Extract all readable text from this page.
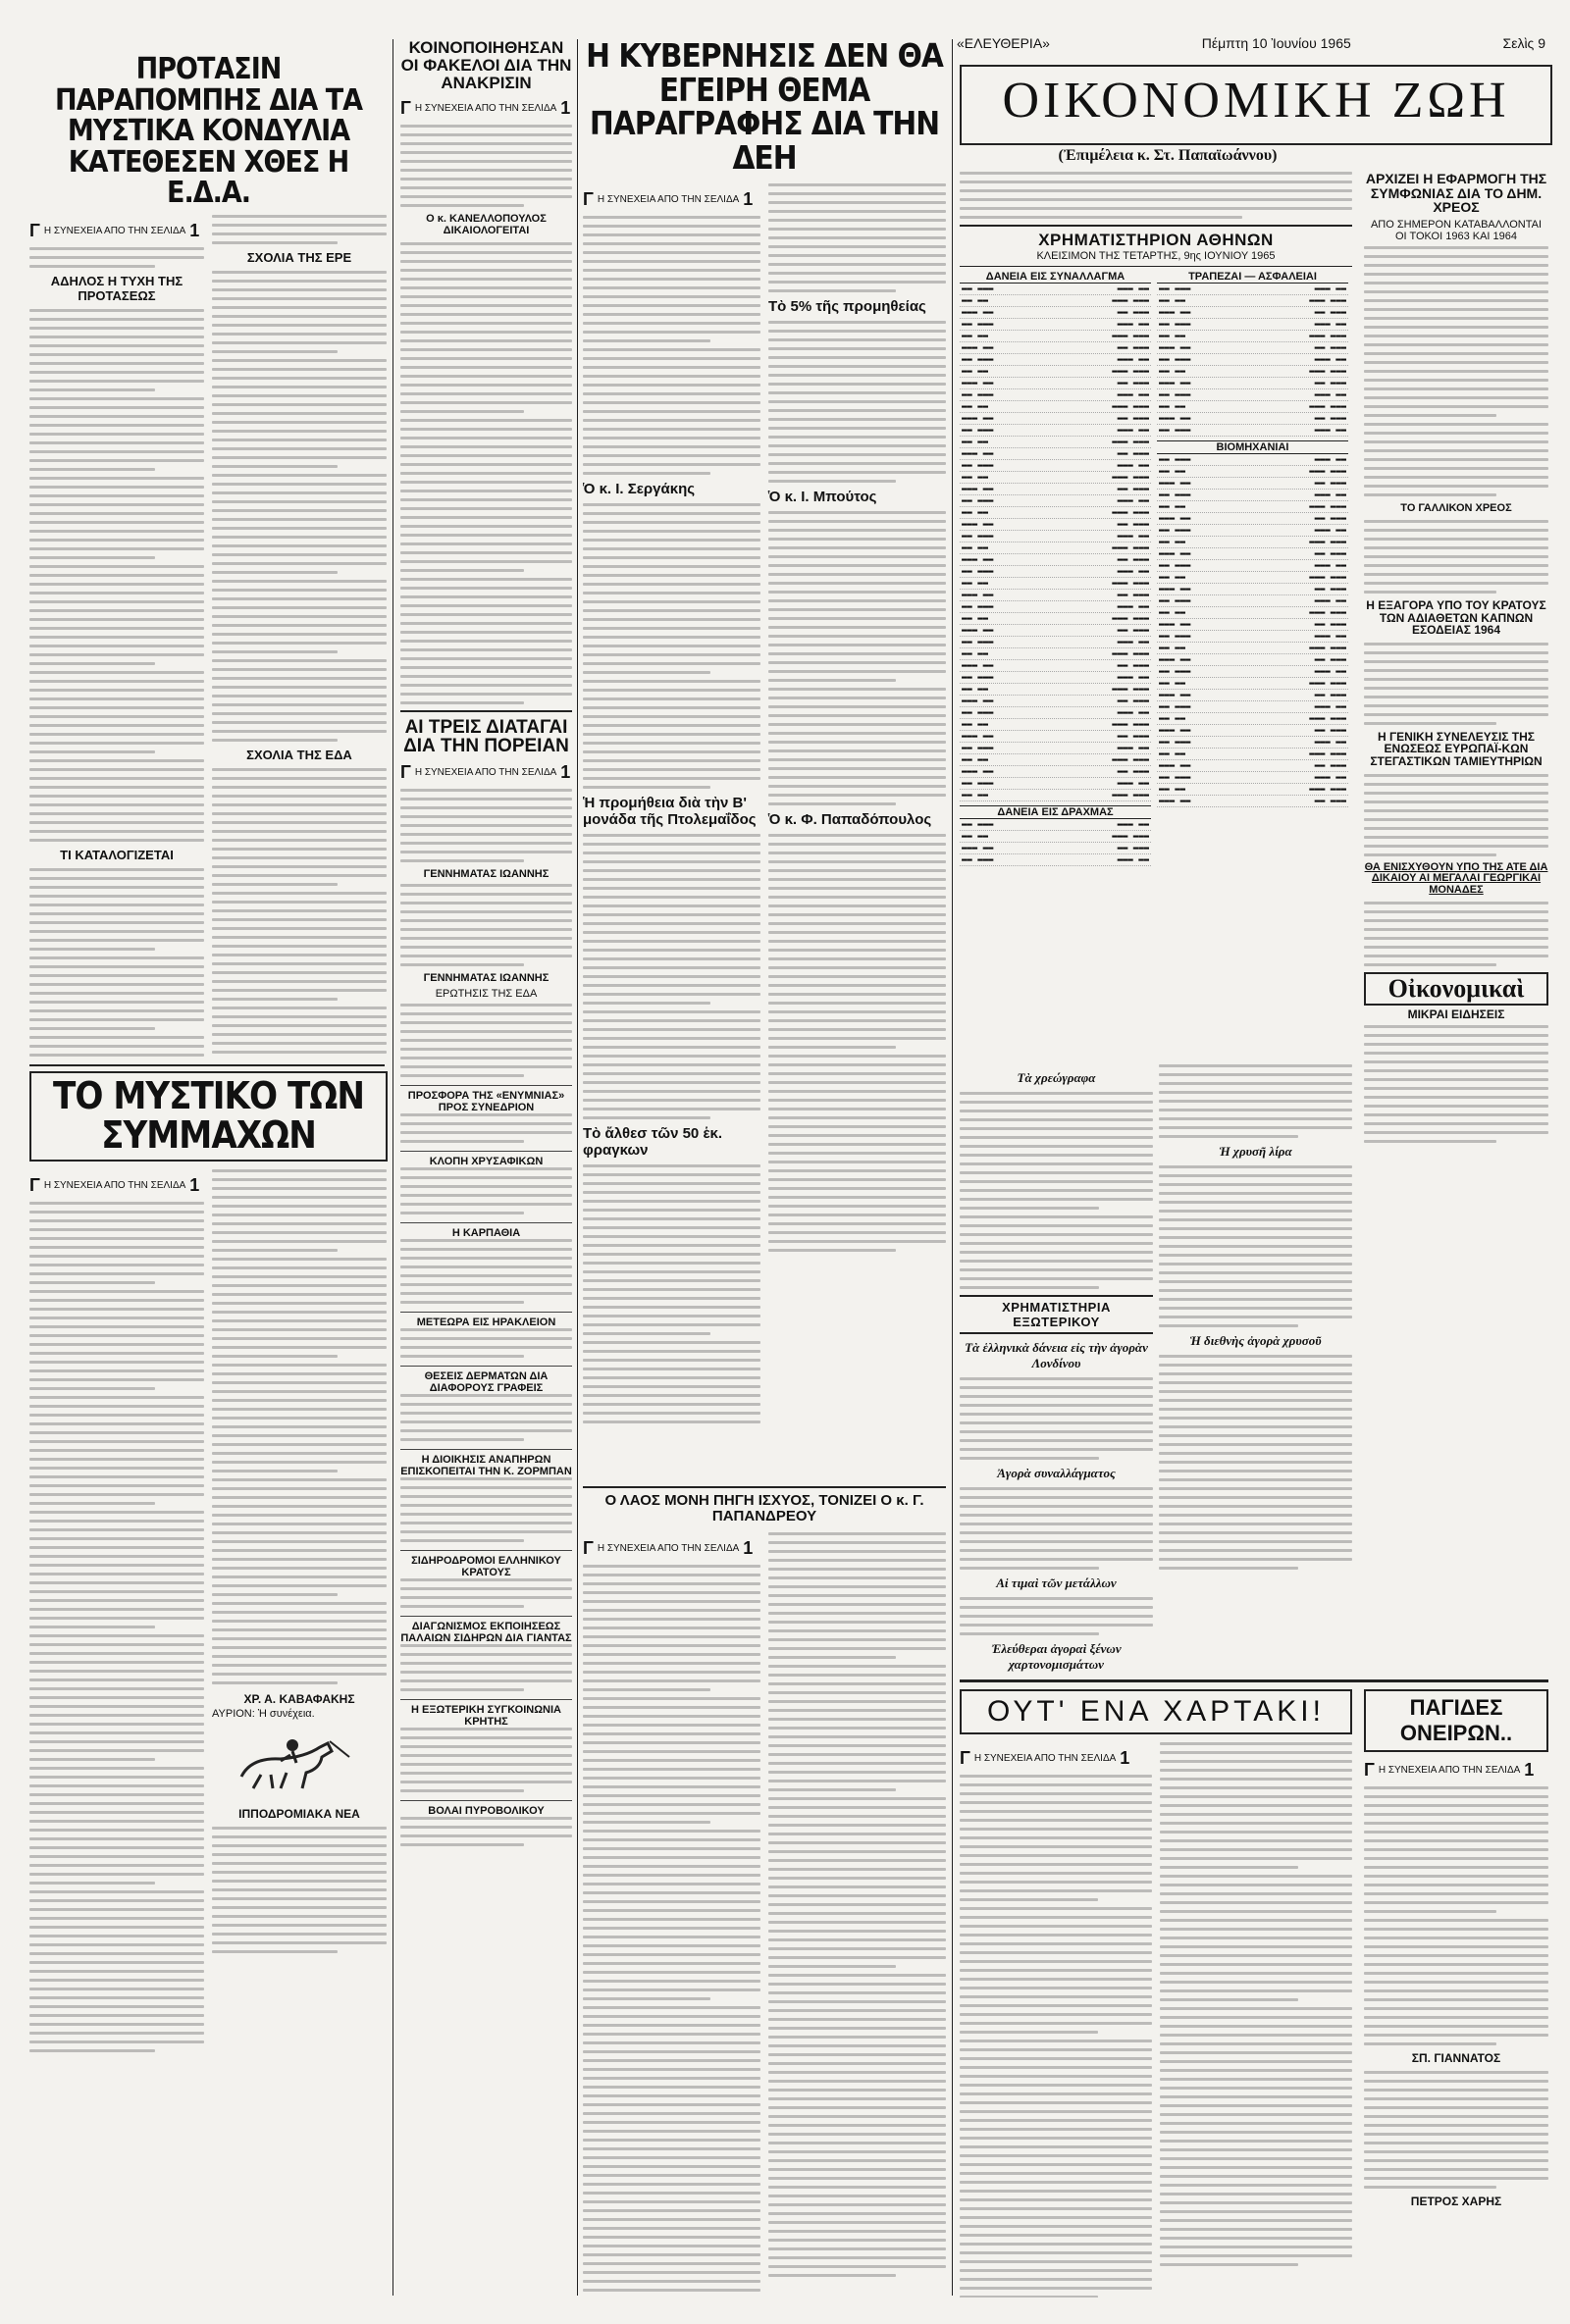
«ΕΛΕΥΘΕΡΙΑ»	Πέμπτη 10 Ἰουνίου 1965	Σελὶς 9
ΠΡΟΤΑΣΙΝ ΠΑΡΑΠΟΜΠΗΣ ΔΙΑ ΤΑ ΜΥΣΤΙΚΑ ΚΟΝΔΥΛΙΑ ΚΑΤΕΘΕΣΕΝ ΧΘΕΣ Η Ε.Δ.Α.
Γ Η ΣΥΝΕΧΕΙΑ ΑΠΟ ΤΗΝ ΣΕΛΙΔΑ 1
ΑΔΗΛΟΣ Η ΤΥΧΗ ΤΗΣ ΠΡΟΤΑΣΕΩΣ
ΤΙ ΚΑΤΑΛΟΓΙΖΕΤΑΙ
ΣΧΟΛΙΑ ΤΗΣ ΕΡΕ
ΣΧΟΛΙΑ ΤΗΣ ΕΔΑ
ΤΟ ΜΥΣΤΙΚΟ ΤΩΝ ΣΥΜΜΑΧΩΝ
Γ Η ΣΥΝΕΧΕΙΑ ΑΠΟ ΤΗΝ ΣΕΛΙΔΑ 1
ΧΡ. Α. ΚΑΒΑΦΑΚΗΣ
ΑΥΡΙΟΝ: Ἡ συνέχεια.
ΙΠΠΟΔΡΟΜΙΑΚΑ ΝΕΑ
ΚΟΙΝΟΠΟΙΗΘΗΣΑΝ ΟΙ ΦΑΚΕΛΟΙ ΔΙΑ ΤΗΝ ΑΝΑΚΡΙΣΙΝ
Γ Η ΣΥΝΕΧΕΙΑ ΑΠΟ ΤΗΝ ΣΕΛΙΔΑ 1
Ο κ. ΚΑΝΕΛΛΟΠΟΥΛΟΣ ΔΙΚΑΙΟΛΟΓΕΙΤΑΙ
ΑΙ ΤΡΕΙΣ ΔΙΑΤΑΓΑΙ ΔΙΑ ΤΗΝ ΠΟΡΕΙΑΝ
Γ Η ΣΥΝΕΧΕΙΑ ΑΠΟ ΤΗΝ ΣΕΛΙΔΑ 1
ΓΕΝΝΗΜΑΤΑΣ ΙΩΑΝΝΗΣ
ΓΕΝΝΗΜΑΤΑΣ ΙΩΑΝΝΗΣ
ΕΡΩΤΗΣΙΣ ΤΗΣ ΕΔΑ
ΠΡΟΣΦΟΡΑ ΤΗΣ «ΕΝΥΜΝΙΑΣ» ΠΡΟΣ ΣΥΝΕΔΡΙΟΝ
ΚΛΟΠΗ ΧΡΥΣΑΦΙΚΩΝ
Η ΚΑΡΠΑΘΙΑ
ΜΕΤΕΩΡΑ ΕΙΣ ΗΡΑΚΛΕΙΟΝ
ΘΕΣΕΙΣ ΔΕΡΜΑΤΩΝ ΔΙΑ ΔΙΑΦΟΡΟΥΣ ΓΡΑΦΕΙΣ
Η ΔΙΟΙΚΗΣΙΣ ΑΝΑΠΗΡΩΝ ΕΠΙΣΚΟΠΕΙΤΑΙ ΤΗΝ Κ. ΖΟΡΜΠΑΝ
ΣΙΔΗΡΟΔΡΟΜΟΙ ΕΛΛΗΝΙΚΟΥ ΚΡΑΤΟΥΣ
ΔΙΑΓΩΝΙΣΜΟΣ ΕΚΠΟΙΗΣΕΩΣ ΠΑΛΑΙΩΝ ΣΙΔΗΡΩΝ ΔΙΑ ΓΙΑΝΤΑΣ
Η ΕΞΩΤΕΡΙΚΗ ΣΥΓΚΟΙΝΩΝΙΑ ΚΡΗΤΗΣ
ΒΟΛΑΙ ΠΥΡΟΒΟΛΙΚΟΥ
Η ΚΥΒΕΡΝΗΣΙΣ ΔΕΝ ΘΑ ΕΓΕΙΡΗ ΘΕΜΑ ΠΑΡΑΓΡΑΦΗΣ ΔΙΑ ΤΗΝ ΔΕΗ
Γ Η ΣΥΝΕΧΕΙΑ ΑΠΟ ΤΗΝ ΣΕΛΙΔΑ 1
Ὁ κ. Ι. Σεργάκης
Ἡ προμήθεια διὰ τὴν Β' μονάδα τῆς Πτολεμαΐδος
Τὸ ἄλθεσ τῶν 50 ἑκ. φραγκων
Τὸ 5% τῆς προμηθείας
Ὁ κ. Ι. Μπούτος
Ὁ κ. Φ. Παπαδόπουλος
Ο ΛΑΟΣ ΜΟΝΗ ΠΗΓΗ ΙΣΧΥΟΣ, ΤΟΝΙΖΕΙ Ο κ. Γ. ΠΑΠΑΝΔΡΕΟΥ
Γ Η ΣΥΝΕΧΕΙΑ ΑΠΟ ΤΗΝ ΣΕΛΙΔΑ 1
ΟΙΚΟΝΟΜΙΚΗ ΖΩΗ
(Ἐπιμέλεια κ. Στ. Παπαϊωάννου)
ΧΡΗΜΑΤΙΣΤΗΡΙΟΝ ΑΘΗΝΩΝ
ΚΛΕΙΣΙΜΟΝ ΤΗΣ ΤΕΤΑΡΤΗΣ, 9ης ΙΟΥΝΙΟΥ 1965
ΔΑΝΕΙΑ ΕΙΣ ΣΥΝΑΛΛΑΓΜΑ
▬▬ ▬▬▬	▬▬▬ ▬▬
▬▬ ▬▬	▬▬▬ ▬▬▬
▬▬▬ ▬▬	▬▬ ▬▬▬
▬▬ ▬▬▬	▬▬▬ ▬▬
▬▬ ▬▬	▬▬▬ ▬▬▬
▬▬▬ ▬▬	▬▬ ▬▬▬
▬▬ ▬▬▬	▬▬▬ ▬▬
▬▬ ▬▬	▬▬▬ ▬▬▬
▬▬▬ ▬▬	▬▬ ▬▬▬
▬▬ ▬▬▬	▬▬▬ ▬▬
▬▬ ▬▬	▬▬▬ ▬▬▬
▬▬▬ ▬▬	▬▬ ▬▬▬
▬▬ ▬▬▬	▬▬▬ ▬▬
▬▬ ▬▬	▬▬▬ ▬▬▬
▬▬▬ ▬▬	▬▬ ▬▬▬
▬▬ ▬▬▬	▬▬▬ ▬▬
▬▬ ▬▬	▬▬▬ ▬▬▬
▬▬▬ ▬▬	▬▬ ▬▬▬
▬▬ ▬▬▬	▬▬▬ ▬▬
▬▬ ▬▬	▬▬▬ ▬▬▬
▬▬▬ ▬▬	▬▬ ▬▬▬
▬▬ ▬▬▬	▬▬▬ ▬▬
▬▬ ▬▬	▬▬▬ ▬▬▬
▬▬▬ ▬▬	▬▬ ▬▬▬
▬▬ ▬▬▬	▬▬▬ ▬▬
▬▬ ▬▬	▬▬▬ ▬▬▬
▬▬▬ ▬▬	▬▬ ▬▬▬
▬▬ ▬▬▬	▬▬▬ ▬▬
▬▬ ▬▬	▬▬▬ ▬▬▬
▬▬▬ ▬▬	▬▬ ▬▬▬
▬▬ ▬▬▬	▬▬▬ ▬▬
▬▬ ▬▬	▬▬▬ ▬▬▬
▬▬▬ ▬▬	▬▬ ▬▬▬
▬▬ ▬▬▬	▬▬▬ ▬▬
▬▬ ▬▬	▬▬▬ ▬▬▬
▬▬▬ ▬▬	▬▬ ▬▬▬
▬▬ ▬▬▬	▬▬▬ ▬▬
▬▬ ▬▬	▬▬▬ ▬▬▬
▬▬▬ ▬▬	▬▬ ▬▬▬
▬▬ ▬▬▬	▬▬▬ ▬▬
▬▬ ▬▬	▬▬▬ ▬▬▬
▬▬▬ ▬▬	▬▬ ▬▬▬
▬▬ ▬▬▬	▬▬▬ ▬▬
▬▬ ▬▬	▬▬▬ ▬▬▬
ΔΑΝΕΙΑ ΕΙΣ ΔΡΑΧΜΑΣ
▬▬ ▬▬▬	▬▬▬ ▬▬
▬▬ ▬▬	▬▬▬ ▬▬▬
▬▬▬ ▬▬	▬▬ ▬▬▬
▬▬ ▬▬▬	▬▬▬ ▬▬
ΤΡΑΠΕΖΑΙ — ΑΣΦΑΛΕΙΑΙ
▬▬ ▬▬▬	▬▬▬ ▬▬
▬▬ ▬▬	▬▬▬ ▬▬▬
▬▬▬ ▬▬	▬▬ ▬▬▬
▬▬ ▬▬▬	▬▬▬ ▬▬
▬▬ ▬▬	▬▬▬ ▬▬▬
▬▬▬ ▬▬	▬▬ ▬▬▬
▬▬ ▬▬▬	▬▬▬ ▬▬
▬▬ ▬▬	▬▬▬ ▬▬▬
▬▬▬ ▬▬	▬▬ ▬▬▬
▬▬ ▬▬▬	▬▬▬ ▬▬
▬▬ ▬▬	▬▬▬ ▬▬▬
▬▬▬ ▬▬	▬▬ ▬▬▬
▬▬ ▬▬▬	▬▬▬ ▬▬
ΒΙΟΜΗΧΑΝΙΑΙ
▬▬ ▬▬▬	▬▬▬ ▬▬
▬▬ ▬▬	▬▬▬ ▬▬▬
▬▬▬ ▬▬	▬▬ ▬▬▬
▬▬ ▬▬▬	▬▬▬ ▬▬
▬▬ ▬▬	▬▬▬ ▬▬▬
▬▬▬ ▬▬	▬▬ ▬▬▬
▬▬ ▬▬▬	▬▬▬ ▬▬
▬▬ ▬▬	▬▬▬ ▬▬▬
▬▬▬ ▬▬	▬▬ ▬▬▬
▬▬ ▬▬▬	▬▬▬ ▬▬
▬▬ ▬▬	▬▬▬ ▬▬▬
▬▬▬ ▬▬	▬▬ ▬▬▬
▬▬ ▬▬▬	▬▬▬ ▬▬
▬▬ ▬▬	▬▬▬ ▬▬▬
▬▬▬ ▬▬	▬▬ ▬▬▬
▬▬ ▬▬▬	▬▬▬ ▬▬
▬▬ ▬▬	▬▬▬ ▬▬▬
▬▬▬ ▬▬	▬▬ ▬▬▬
▬▬ ▬▬▬	▬▬▬ ▬▬
▬▬ ▬▬	▬▬▬ ▬▬▬
▬▬▬ ▬▬	▬▬ ▬▬▬
▬▬ ▬▬▬	▬▬▬ ▬▬
▬▬ ▬▬	▬▬▬ ▬▬▬
▬▬▬ ▬▬	▬▬ ▬▬▬
▬▬ ▬▬▬	▬▬▬ ▬▬
▬▬ ▬▬	▬▬▬ ▬▬▬
▬▬▬ ▬▬	▬▬ ▬▬▬
▬▬ ▬▬▬	▬▬▬ ▬▬
▬▬ ▬▬	▬▬▬ ▬▬▬
▬▬▬ ▬▬	▬▬ ▬▬▬
Τὰ χρεώγραφα
ΧΡΗΜΑΤΙΣΤΗΡΙΑ ΕΞΩΤΕΡΙΚΟΥ
Τὰ ἑλληνικὰ δάνεια εἰς τὴν ἀγορὰν Λονδίνου
Ἀγορὰ συναλλάγματος
Αἱ τιμαὶ τῶν μετάλλων
Ἐλεύθεραι ἀγοραὶ ξένων χαρτονομισμάτων
Ἡ χρυσῆ λίρα
Ἡ διεθνὴς ἀγορὰ χρυσοῦ
ΑΡΧΙΖΕΙ Η ΕΦΑΡΜΟΓΗ ΤΗΣ ΣΥΜΦΩΝΙΑΣ ΔΙΑ ΤΟ ΔΗΜ. ΧΡΕΟΣ
ΑΠΟ ΣΗΜΕΡΟΝ ΚΑΤΑΒΑΛΛΟΝΤΑΙ ΟΙ ΤΟΚΟΙ 1963 ΚΑΙ 1964
ΤΟ ΓΑΛΛΙΚΟΝ ΧΡΕΟΣ
Η ΕΞΑΓΟΡΑ ΥΠΟ ΤΟΥ ΚΡΑΤΟΥΣ ΤΩΝ ΑΔΙΑΘΕΤΩΝ ΚΑΠΝΩΝ ΕΣΟΔΕΙΑΣ 1964
Η ΓΕΝΙΚΗ ΣΥΝΕΛΕΥΣΙΣ ΤΗΣ ΕΝΩΣΕΩΣ ΕΥΡΩΠΑΪ-ΚΩΝ ΣΤΕΓΑΣΤΙΚΩΝ ΤΑΜΙΕΥΤΗΡΙΩΝ
ΘΑ ΕΝΙΣΧΥΘΟΥΝ ΥΠΟ ΤΗΣ ΑΤΕ ΔΙΑ ΔΙΚΑΙΟΥ ΑΙ ΜΕΓΑΛΑΙ ΓΕΩΡΓΙΚΑΙ ΜΟΝΑΔΕΣ
Οἰκονομικαὶ
ΜΙΚΡΑΙ ΕΙΔΗΣΕΙΣ
ΟΥΤ' ΕΝΑ ΧΑΡΤΑΚΙ!
Γ Η ΣΥΝΕΧΕΙΑ ΑΠΟ ΤΗΝ ΣΕΛΙΔΑ 1
ΠΑΓΙΔΕΣ ΟΝΕΙΡΩΝ..
Γ Η ΣΥΝΕΧΕΙΑ ΑΠΟ ΤΗΝ ΣΕΛΙΔΑ 1
ΣΠ. ΓΙΑΝΝΑΤΟΣ
ΠΕΤΡΟΣ ΧΑΡΗΣ
